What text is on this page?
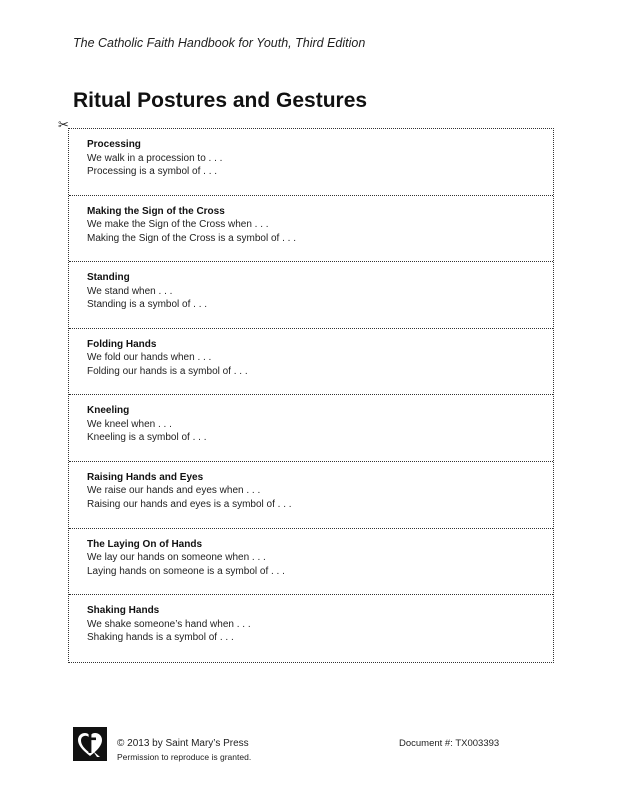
The Catholic Faith Handbook for Youth, Third Edition
Ritual Postures and Gestures
✂
Processing
We walk in a procession to . . .
Processing is a symbol of . . .
Making the Sign of the Cross
We make the Sign of the Cross when . . .
Making the Sign of the Cross is a symbol of . . .
Standing
We stand when . . .
Standing is a symbol of . . .
Folding Hands
We fold our hands when . . .
Folding our hands is a symbol of . . .
Kneeling
We kneel when . . .
Kneeling is a symbol of . . .
Raising Hands and Eyes
We raise our hands and eyes when . . .
Raising our hands and eyes is a symbol of . . .
The Laying On of Hands
We lay our hands on someone when . . .
Laying hands on someone is a symbol of . . .
Shaking Hands
We shake someone’s hand when . . .
Shaking hands is a symbol of . . .
© 2013 by Saint Mary’s Press
Permission to reproduce is granted.
Document #: TX003393
